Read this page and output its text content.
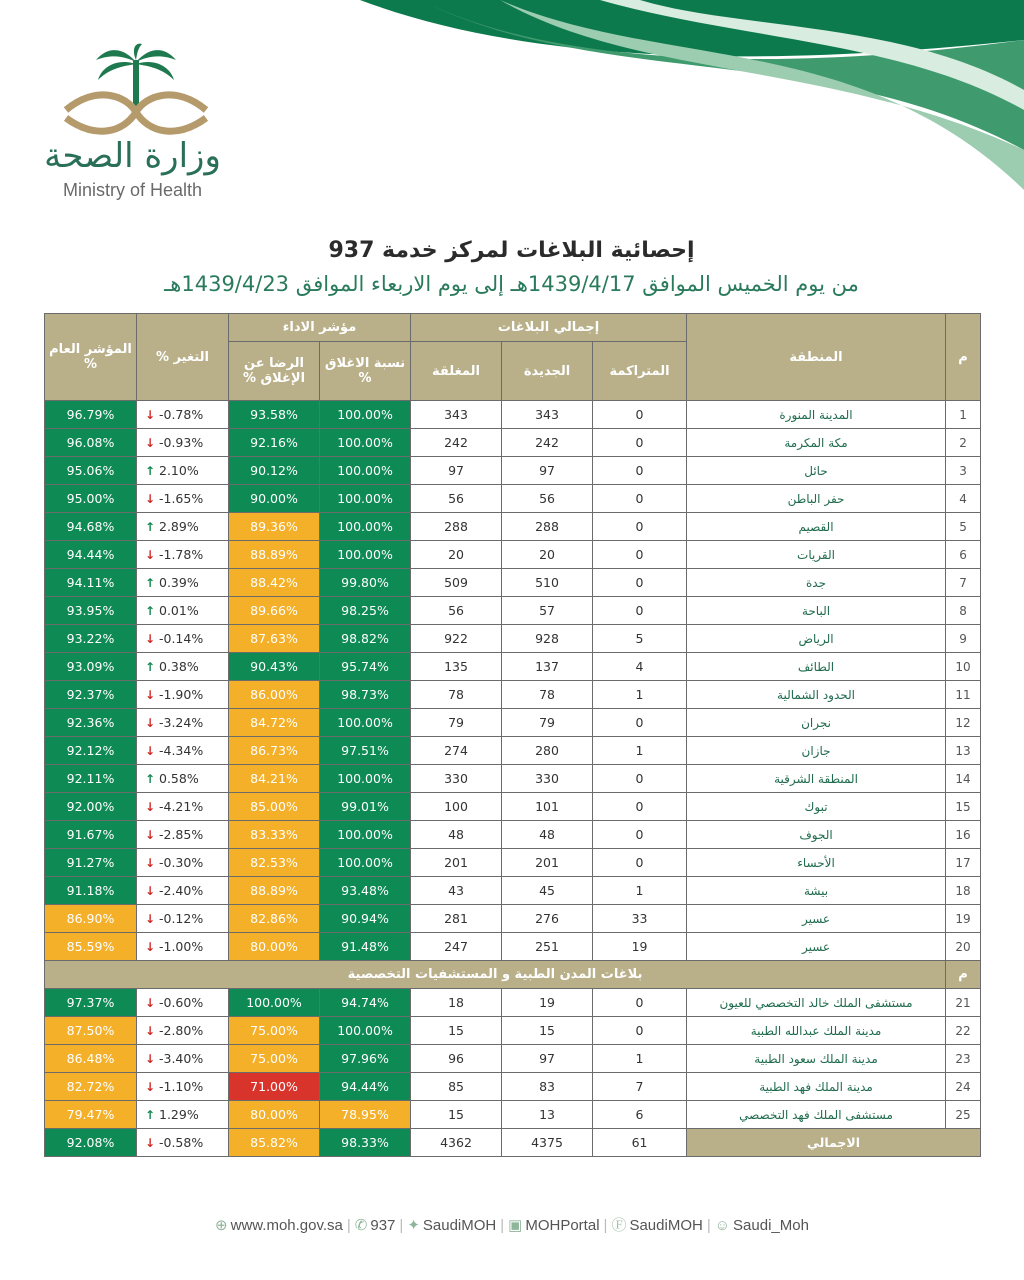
وزارة الصحة
Ministry of Health
إحصائية البلاغات لمركز خدمة 937
من يوم الخميس الموافق 1439/4/17هـ إلى يوم الاربعاء الموافق 1439/4/23هـ
م	المنطقة	إجمالي البلاغات			مؤشر الاداء		التغير %	المؤشر العام %
		المتراكمة	الجديدة	المغلقة	نسبة الاغلاق %	الرضا عن الإغلاق %		
1	المدينة المنورة	0	343	343	100.00%	93.58%	↓ -0.78%	96.79%
2	مكة المكرمة	0	242	242	100.00%	92.16%	↓ -0.93%	96.08%
3	حائل	0	97	97	100.00%	90.12%	↑ 2.10%	95.06%
4	حفر الباطن	0	56	56	100.00%	90.00%	↓ -1.65%	95.00%
5	القصيم	0	288	288	100.00%	89.36%	↑ 2.89%	94.68%
6	القريات	0	20	20	100.00%	88.89%	↓ -1.78%	94.44%
7	جدة	0	510	509	99.80%	88.42%	↑ 0.39%	94.11%
8	الباحة	0	57	56	98.25%	89.66%	↑ 0.01%	93.95%
9	الرياض	5	928	922	98.82%	87.63%	↓ -0.14%	93.22%
10	الطائف	4	137	135	95.74%	90.43%	↑ 0.38%	93.09%
11	الحدود الشمالية	1	78	78	98.73%	86.00%	↓ -1.90%	92.37%
12	نجران	0	79	79	100.00%	84.72%	↓ -3.24%	92.36%
13	جازان	1	280	274	97.51%	86.73%	↓ -4.34%	92.12%
14	المنطقة الشرقية	0	330	330	100.00%	84.21%	↑ 0.58%	92.11%
15	تبوك	0	101	100	99.01%	85.00%	↓ -4.21%	92.00%
16	الجوف	0	48	48	100.00%	83.33%	↓ -2.85%	91.67%
17	الأحساء	0	201	201	100.00%	82.53%	↓ -0.30%	91.27%
18	بيشة	1	45	43	93.48%	88.89%	↓ -2.40%	91.18%
19	عسير	33	276	281	90.94%	82.86%	↓ -0.12%	86.90%
20	عسير	19	251	247	91.48%	80.00%	↓ -1.00%	85.59%
م	بلاغات المدن الطبية و المستشفيات التخصصية							
21	مستشفى الملك خالد التخصصي للعيون	0	19	18	94.74%	100.00%	↓ -0.60%	97.37%
22	مدينة الملك عبدالله الطبية	0	15	15	100.00%	75.00%	↓ -2.80%	87.50%
23	مدينة الملك سعود الطبية	1	97	96	97.96%	75.00%	↓ -3.40%	86.48%
24	مدينة الملك فهد الطبية	7	83	85	94.44%	71.00%	↓ -1.10%	82.72%
25	مستشفى الملك فهد التخصصي	6	13	15	78.95%	80.00%	↑ 1.29%	79.47%
الاجمالي		61	4375	4362	98.33%	85.82%	↓ -0.58%	92.08%
⊕ www.moh.gov.sa | ✆ 937 | ✦ SaudiMOH | ▣ MOHPortal | Ⓕ SaudiMOH | ☺ Saudi_Moh
